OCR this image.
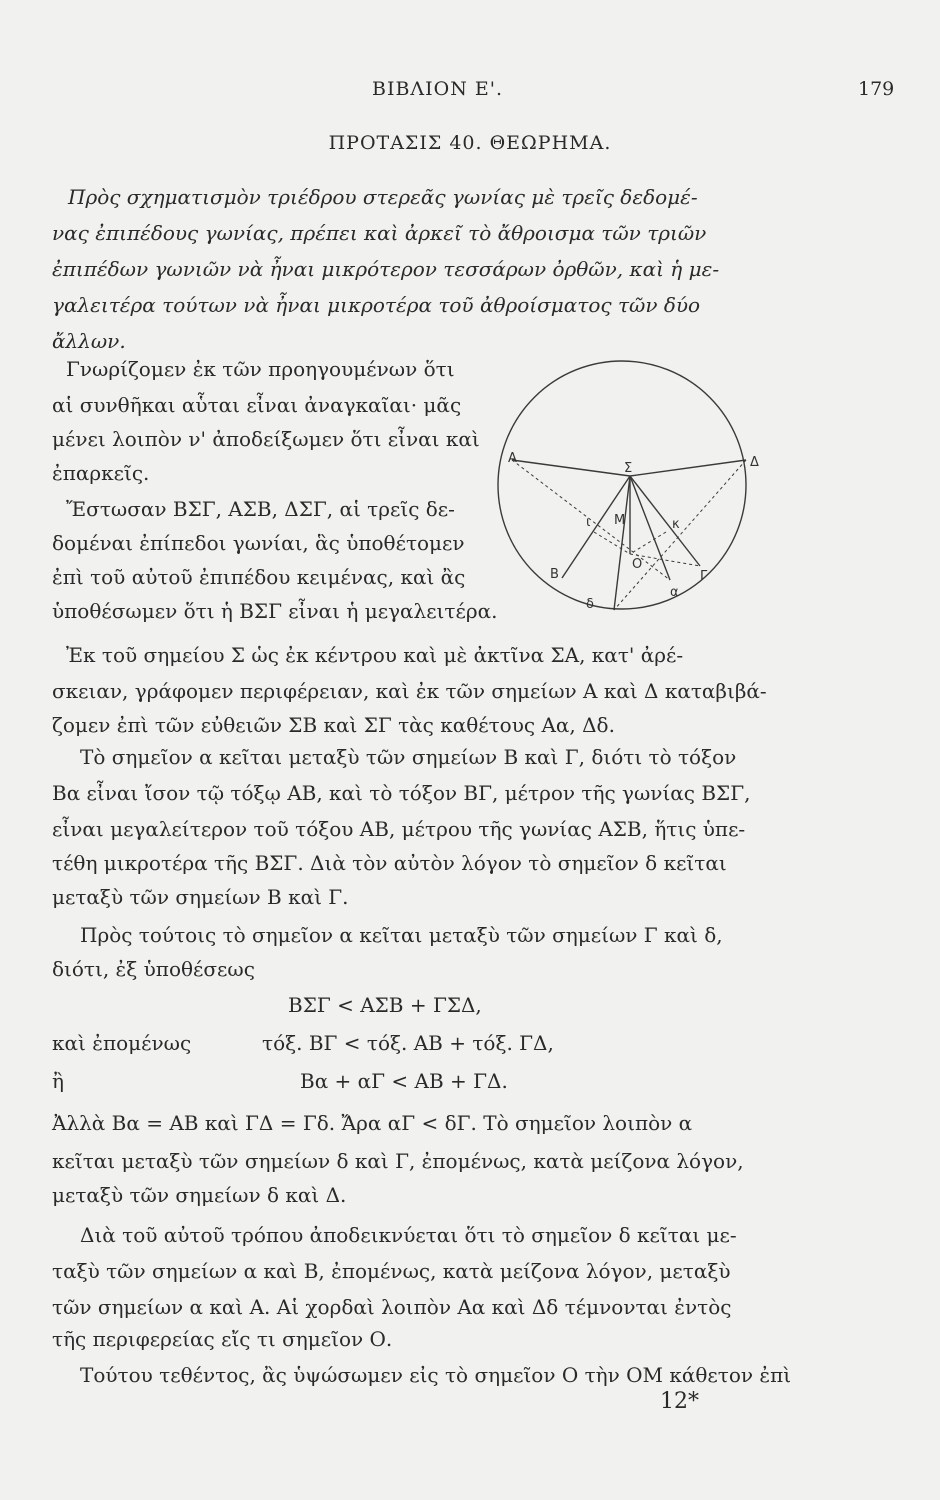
ΒΙΒΛΙΟΝ Ε'.	179
ΠΡΟΤΑΣΙΣ 40. ΘΕΩΡΗΜΑ.
Πρὸς σχηματισμὸν τριέδρου στερεᾶς γωνίας μὲ τρεῖς δεδομέ-
νας ἐπιπέδους γωνίας, πρέπει καὶ ἀρκεῖ τὸ ἄθροισμα τῶν τριῶν
ἐπιπέδων γωνιῶν νὰ ἦναι μικρότερον τεσσάρων ὀρθῶν, καὶ ἡ με-
γαλειτέρα τούτων νὰ ἦναι μικροτέρα τοῦ ἀθροίσματος τῶν δύο
ἄλλων.
Γνωρίζομεν ἐκ τῶν προηγουμένων ὅτι
αἱ συνθῆκαι αὗται εἶναι ἀναγκαῖαι· μᾶς
μένει λοιπὸν ν' ἀποδείξωμεν ὅτι εἶναι καὶ
ἐπαρκεῖς.
Ἔστωσαν ΒΣΓ, ΑΣΒ, ΔΣΓ, αἱ τρεῖς δε-
δομέναι ἐπίπεδοι γωνίαι, ἃς ὑποθέτομεν
ἐπὶ τοῦ αὐτοῦ ἐπιπέδου κειμένας, καὶ ἂς
ὑποθέσωμεν ὅτι ἡ ΒΣΓ εἶναι ἡ μεγαλειτέρα.
Α	Δ
Σ
Μ
ι	κ
Ο
Β	Γ
α
δ
Ἐκ τοῦ σημείου Σ ὡς ἐκ κέντρου καὶ μὲ ἀκτῖνα ΣΑ, κατ' ἀρέ-
σκειαν, γράφομεν περιφέρειαν, καὶ ἐκ τῶν σημείων Α καὶ Δ καταβιβά-
ζομεν ἐπὶ τῶν εὐθειῶν ΣΒ καὶ ΣΓ τὰς καθέτους Αα, Δδ.
Τὸ σημεῖον α κεῖται μεταξὺ τῶν σημείων Β καὶ Γ, διότι τὸ τόξον
Βα εἶναι ἴσον τῷ τόξῳ ΑΒ, καὶ τὸ τόξον ΒΓ, μέτρον τῆς γωνίας ΒΣΓ,
εἶναι μεγαλείτερον τοῦ τόξου ΑΒ, μέτρου τῆς γωνίας ΑΣΒ, ἥτις ὑπε-
τέθη μικροτέρα τῆς ΒΣΓ. Διὰ τὸν αὐτὸν λόγον τὸ σημεῖον δ κεῖται
μεταξὺ τῶν σημείων Β καὶ Γ.
Πρὸς τούτοις τὸ σημεῖον α κεῖται μεταξὺ τῶν σημείων Γ καὶ δ,
διότι, ἐξ ὑποθέσεως
ΒΣΓ < ΑΣΒ + ΓΣΔ,
καὶ ἐπομένως	τόξ. ΒΓ < τόξ. ΑΒ + τόξ. ΓΔ,
ἢ	Βα + αΓ < ΑΒ + ΓΔ.
Ἀλλὰ Βα = ΑΒ καὶ ΓΔ = Γδ. Ἄρα αΓ < δΓ. Τὸ σημεῖον λοιπὸν α
κεῖται μεταξὺ τῶν σημείων δ καὶ Γ, ἐπομένως, κατὰ μείζονα λόγον,
μεταξὺ τῶν σημείων δ καὶ Δ.
Διὰ τοῦ αὐτοῦ τρόπου ἀποδεικνύεται ὅτι τὸ σημεῖον δ κεῖται με-
ταξὺ τῶν σημείων α καὶ Β, ἐπομένως, κατὰ μείζονα λόγον, μεταξὺ
τῶν σημείων α καὶ Α. Αἱ χορδαὶ λοιπὸν Αα καὶ Δδ τέμνονται ἐντὸς
τῆς περιφερείας εἴς τι σημεῖον Ο.
Τούτου τεθέντος, ἂς ὑψώσωμεν εἰς τὸ σημεῖον Ο τὴν ΟΜ κάθετον ἐπὶ
12*
